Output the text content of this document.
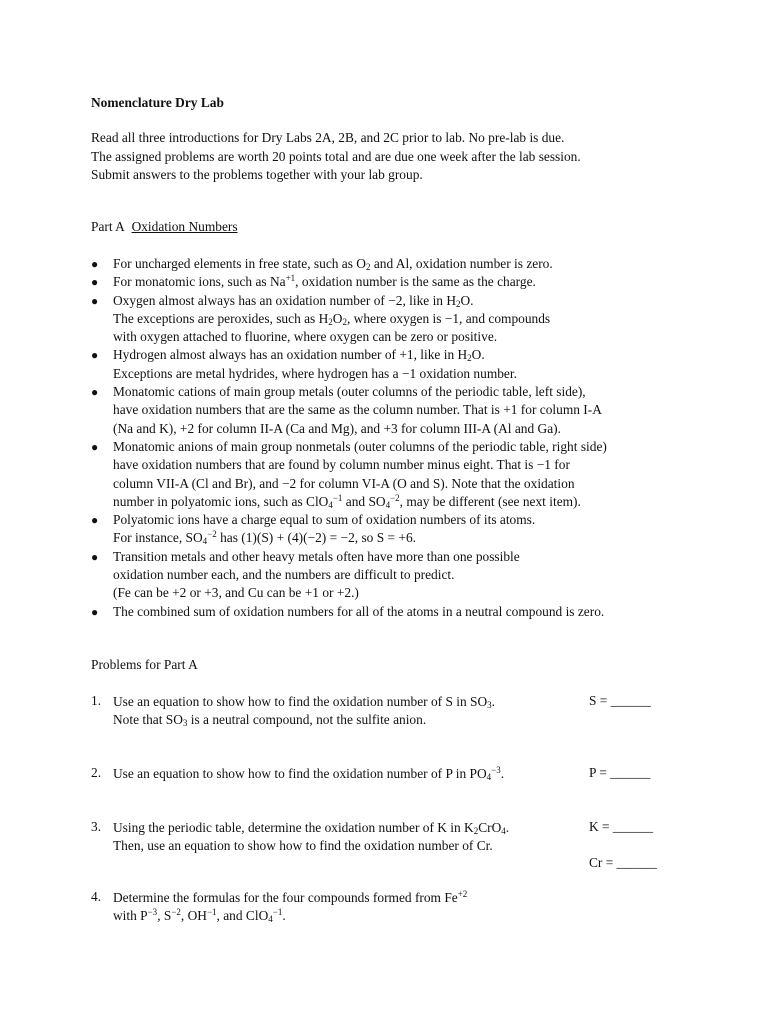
Nomenclature Dry Lab
Read all three introductions for Dry Labs 2A, 2B, and 2C prior to lab. No pre-lab is due.
The assigned problems are worth 20 points total and are due one week after the lab session.
Submit answers to the problems together with your lab group.
Part A Oxidation Numbers
● For uncharged elements in free state, such as $O_2$ and Al, oxidation number is zero.
● For monatomic ions, such as $Na^{+1}$, oxidation number is the same as the charge.
● Oxygen almost always has an oxidation number of −2, like in $H_2O$.
The exceptions are peroxides, such as $H_2O_2$, where oxygen is −1, and compounds
with oxygen attached to fluorine, where oxygen can be zero or positive.
● Hydrogen almost always has an oxidation number of +1, like in $H_2O$.
Exceptions are metal hydrides, where hydrogen has a −1 oxidation number.
● Monatomic cations of main group metals (outer columns of the periodic table, left side),
have oxidation numbers that are the same as the column number. That is +1 for column I-A
(Na and K), +2 for column II-A (Ca and Mg), and +3 for column III-A (Al and Ga).
● Monatomic anions of main group nonmetals (outer columns of the periodic table, right side)
have oxidation numbers that are found by column number minus eight. That is −1 for
column VII-A (Cl and Br), and −2 for column VI-A (O and S). Note that the oxidation
number in polyatomic ions, such as ClO$_4^{-1}$ and $SO_4^{-2}$, may be different (see next item).
● Polyatomic ions have a charge equal to sum of oxidation numbers of its atoms.
For instance, $SO_4^{-2}$ has (1)(S) + (4)(−2) = −2, so S = +6.
● Transition metals and other heavy metals often have more than one possible
oxidation number each, and the numbers are difficult to predict.
(Fe can be +2 or +3, and Cu can be +1 or +2.)
● The combined sum of oxidation numbers for all of the atoms in a neutral compound is zero.
Problems for Part A
1. Use an equation to show how to find the oxidation number of S in $SO_3$.
Note that $SO_3$ is a neutral compound, not the sulfite anion.
S = ______
2. Use an equation to show how to find the oxidation number of P in $PO_4^{-3}$.	P = ______
3. Using the periodic table, determine the oxidation number of K in $K_2CrO_4$.
Then, use an equation to show how to find the oxidation number of Cr.
K = ______
Cr = ______
4. Determine the formulas for the four compounds formed from $Fe^{+2}$
with $P^{-3}$, $S^{-2}$, $OH^{-1}$, and ClO$_4^{-1}$.
